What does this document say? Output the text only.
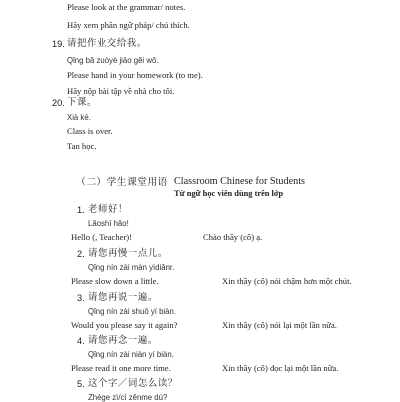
Please look at the grammar/ notes.
Hãy xem phần ngữ pháp/ chú thích.
19. 请把作业交给我。
Qǐng bǎ zuòyè jiāo gěi wǒ.
Please hand in your homework (to me).
Hãy nộp bài tập về nhà cho tôi.
20. 下课。
Xià kè.
Class is over.
Tan học.
（二）学生课堂用语 Classroom Chinese for Students
Từ ngữ học viên dùng trên lớp
1. 老师好！
Lǎoshī hǎo!
Hello (, Teacher)!	Chào thầy (cô) ạ.
2. 请您再慢一点儿。
Qǐng nín zài màn yìdiǎnr.
Please slow down a little.	Xin thầy (cô) nói chậm hơn một chút.
3. 请您再说一遍。
Qǐng nín zài shuō yí biàn.
Would you please say it again?	Xin thầy (cô) nói lại một lần nữa.
4. 请您再念一遍。
Qǐng nín zài niàn yí biàn.
Please read it one more time.	Xin thầy (cô) đọc lại một lần nữa.
5. 这个字／词怎么读？
Zhège zì/cí zěnme dú?
